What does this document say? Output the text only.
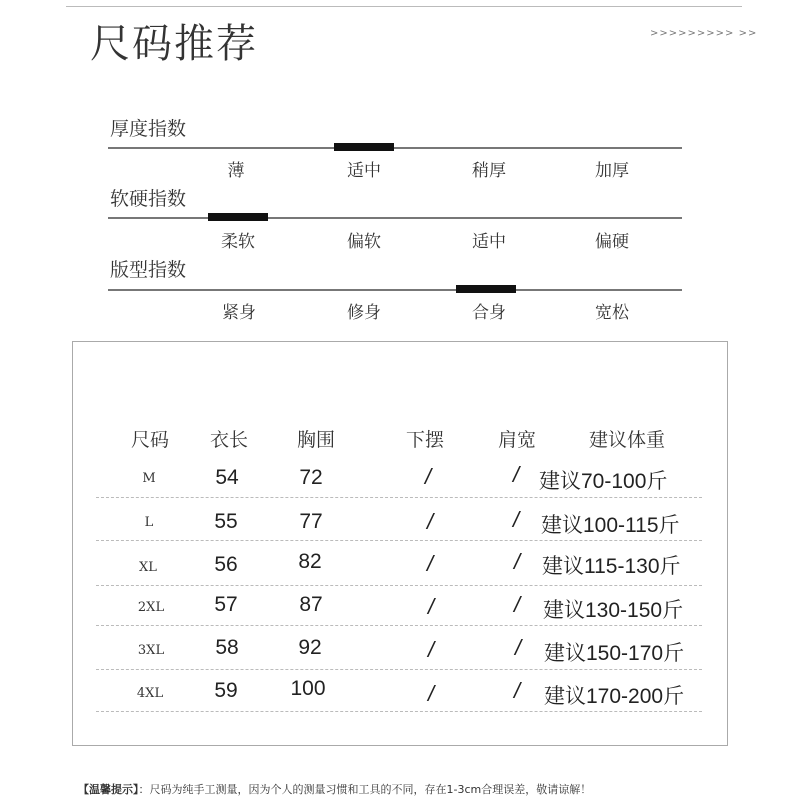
尺码推荐	>>>>>>>>> >>
厚度指数
薄	适中	稍厚	加厚
软硬指数
柔软	偏软	适中	偏硬
版型指数
紧身	修身	合身	宽松
尺码 衣长	胸围	下摆	肩宽	建议体重
M	54	72	/	/ 建议70-100斤
L	55	77	/	/ 建议100-115斤
XL	56	82	/	/ 建议115-130斤
2XL 57	87	/	/ 建议130-150斤
3XL 58	92	/	/ 建议150-170斤
4XL 59	100	/	/ 建议170-200斤
【温馨提示】：尺码为纯手工测量，因为个人的测量习惯和工具的不同，存在1-3cm合理误差，敬请谅解！
